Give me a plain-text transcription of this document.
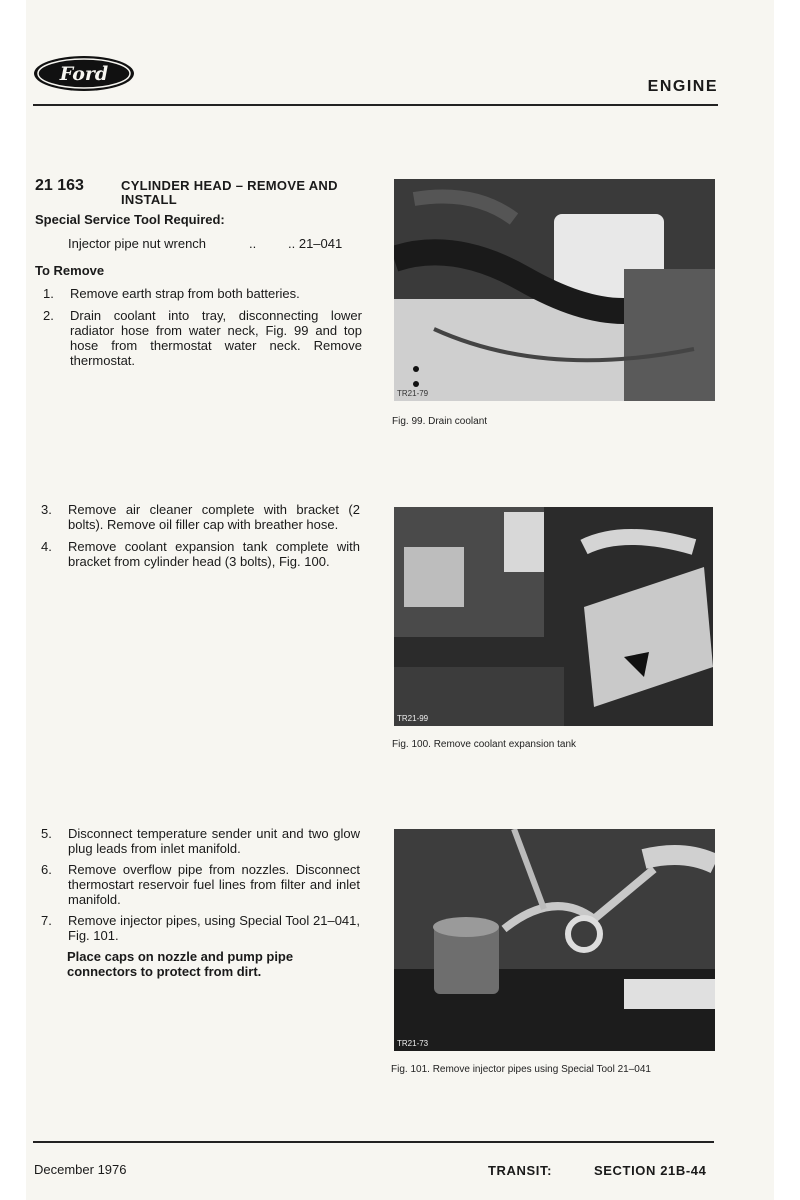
Ford
ENGINE
21 163	CYLINDER HEAD – REMOVE AND INSTALL
Special Service Tool Required:
Injector pipe nut wrench	.. .. 21–041
To Remove
1. Remove earth strap from both batteries.
2. Drain coolant into tray, disconnecting lower radiator hose from water neck, Fig. 99 and top hose from thermostat water neck. Remove thermostat.
3. Remove air cleaner complete with bracket (2 bolts). Remove oil filler cap with breather hose.
4. Remove coolant expansion tank complete with bracket from cylinder head (3 bolts), Fig. 100.
5. Disconnect temperature sender unit and two glow plug leads from inlet manifold.
6. Remove overflow pipe from nozzles. Disconnect thermostart reservoir fuel lines from filter and inlet manifold.
7. Remove injector pipes, using Special Tool 21–041, Fig. 101.
Place caps on nozzle and pump pipe connectors to protect from dirt.
TR21-79
Fig. 99. Drain coolant
TR21-99
Fig. 100. Remove coolant expansion tank
TR21-73
Fig. 101. Remove injector pipes using Special Tool 21–041
December 1976	TRANSIT:	SECTION 21B-44
